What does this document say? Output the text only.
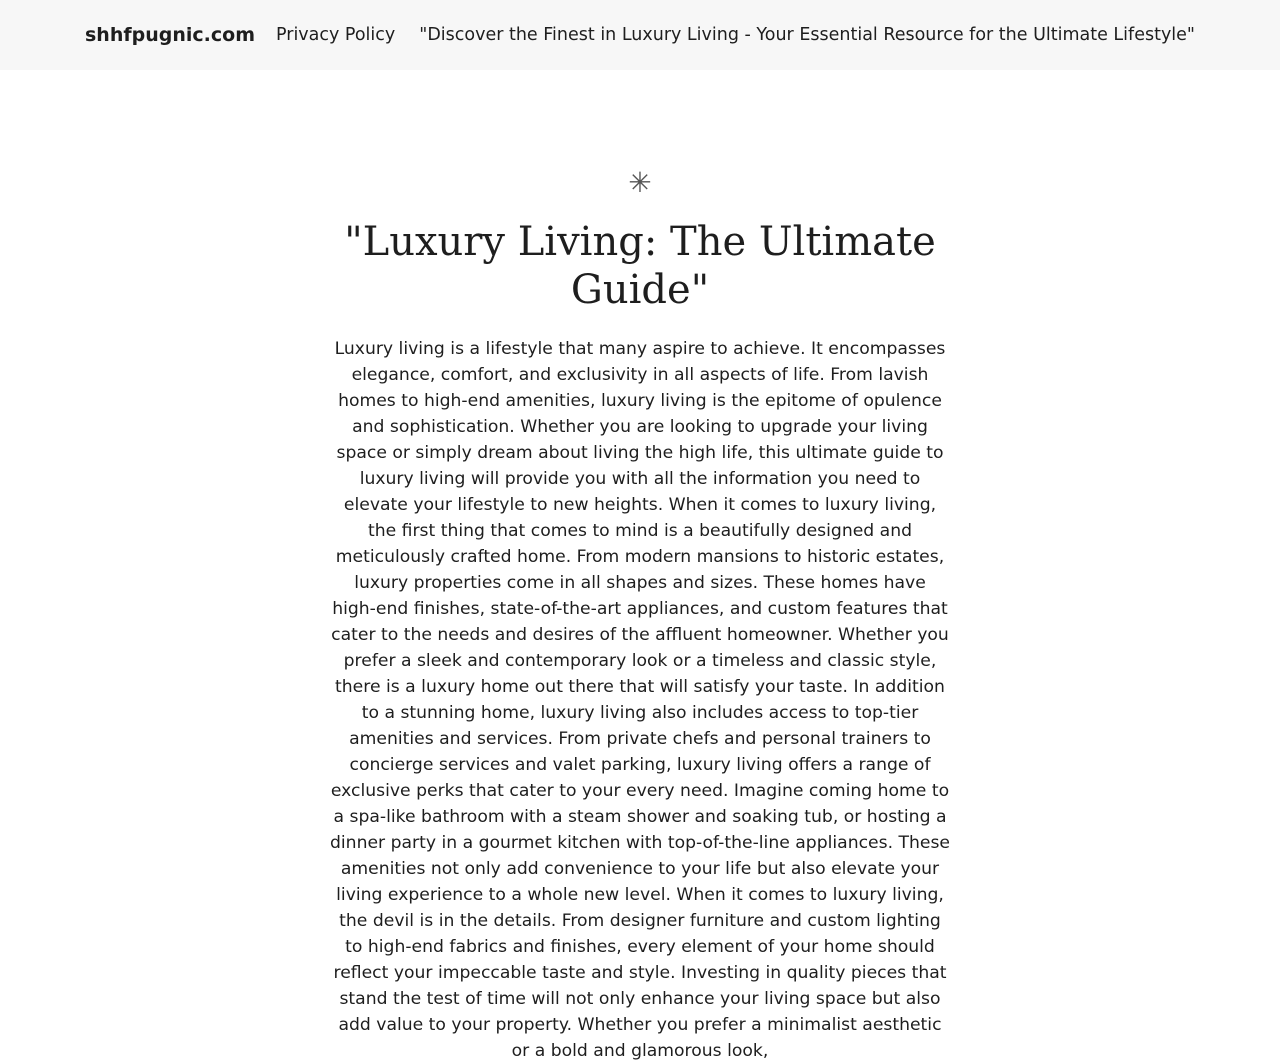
shhfpugnic.com Privacy Policy "Discover the Finest in Luxury Living - Your Essential Resource for the Ultimate Lifestyle"
✳
"Luxury Living: The Ultimate Guide"

Luxury living is a lifestyle that many aspire to achieve. It encompasses elegance, comfort, and exclusivity in all aspects of life. From lavish homes to high-end amenities, luxury living is the epitome of opulence and sophistication. Whether you are looking to upgrade your living space or simply dream about living the high life, this ultimate guide to luxury living will provide you with all the information you need to elevate your lifestyle to new heights. When it comes to luxury living, the first thing that comes to mind is a beautifully designed and meticulously crafted home. From modern mansions to historic estates, luxury properties come in all shapes and sizes. These homes have high-end finishes, state-of-the-art appliances, and custom features that cater to the needs and desires of the affluent homeowner. Whether you prefer a sleek and contemporary look or a timeless and classic style, there is a luxury home out there that will satisfy your taste. In addition to a stunning home, luxury living also includes access to top-tier amenities and services. From private chefs and personal trainers to concierge services and valet parking, luxury living offers a range of exclusive perks that cater to your every need. Imagine coming home to a spa-like bathroom with a steam shower and soaking tub, or hosting a dinner party in a gourmet kitchen with top-of-the-line appliances. These amenities not only add convenience to your life but also elevate your living experience to a whole new level. When it comes to luxury living, the devil is in the details. From designer furniture and custom lighting to high-end fabrics and finishes, every element of your home should reflect your impeccable taste and style. Investing in quality pieces that stand the test of time will not only enhance your living space but also add value to your property. Whether you prefer a minimalist aesthetic or a bold and glamorous look,
